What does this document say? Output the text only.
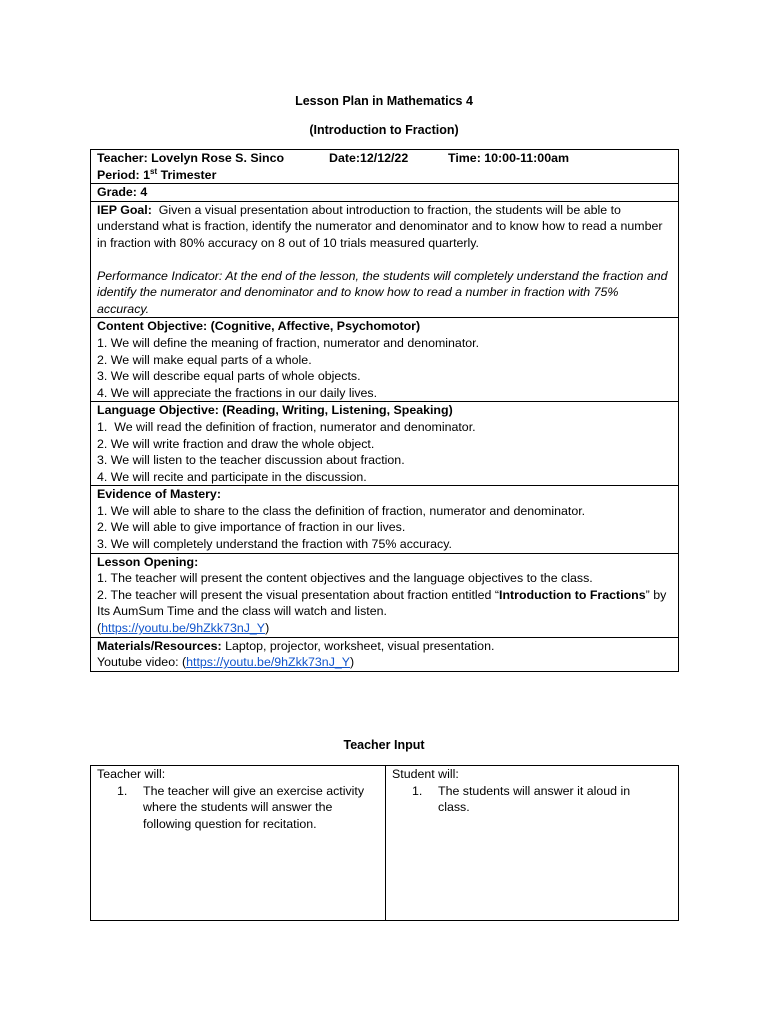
Lesson Plan in Mathematics 4
(Introduction to Fraction)
Teacher: Lovelyn Rose S. Sinco	Date:12/12/22	Time: 10:00-11:00am
Period: 1st Trimester

Grade: 4

IEP Goal:  Given a visual presentation about introduction to fraction, the students will be able to understand what is fraction, identify the numerator and denominator and to know how to read a number in fraction with 80% accuracy on 8 out of 10 trials measured quarterly.
Performance Indicator: At the end of the lesson, the students will completely understand the fraction and identify the numerator and denominator and to know how to read a number in fraction with 75% accuracy.

Content Objective: (Cognitive, Affective, Psychomotor)
1. We will define the meaning of fraction, numerator and denominator.
2. We will make equal parts of a whole.
3. We will describe equal parts of whole objects.
4. We will appreciate the fractions in our daily lives.

Language Objective: (Reading, Writing, Listening, Speaking)
1.  We will read the definition of fraction, numerator and denominator.
2. We will write fraction and draw the whole object.
3. We will listen to the teacher discussion about fraction.
4. We will recite and participate in the discussion.

Evidence of Mastery:
1. We will able to share to the class the definition of fraction, numerator and denominator.
2. We will able to give importance of fraction in our lives.
3. We will completely understand the fraction with 75% accuracy.

Lesson Opening:
1. The teacher will present the content objectives and the language objectives to the class.
2. The teacher will present the visual presentation about fraction entitled “Introduction to Fractions” by Its AumSum Time and the class will watch and listen.
(https://youtu.be/9hZkk73nJ_Y)

Materials/Resources: Laptop, projector, worksheet, visual presentation.
Youtube video: (https://youtu.be/9hZkk73nJ_Y)
Teacher Input
Teacher will:
1.	The teacher will give an exercise activity where the students will answer the following question for recitation.

Student will:
1.	The students will answer it aloud in class.
